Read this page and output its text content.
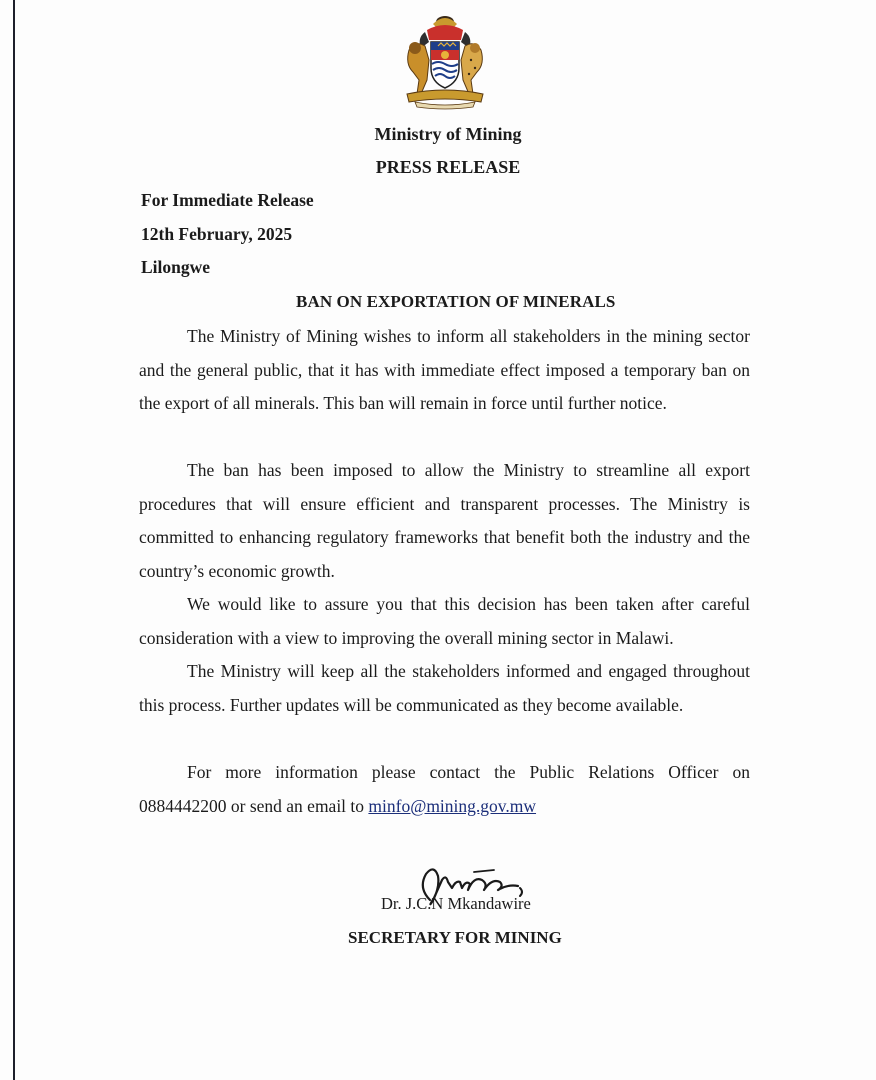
Ministry of Mining
PRESS RELEASE
For Immediate Release
12th February, 2025
Lilongwe
BAN ON EXPORTATION OF MINERALS

The Ministry of Mining wishes to inform all stakeholders in the mining sector and the general public, that it has with immediate effect imposed a temporary ban on the export of all minerals. This ban will remain in force until further notice.

The ban has been imposed to allow the Ministry to streamline all export procedures that will ensure efficient and transparent processes. The Ministry is committed to enhancing regulatory frameworks that benefit both the industry and the country’s economic growth.

We would like to assure you that this decision has been taken after careful consideration with a view to improving the overall mining sector in Malawi.

The Ministry will keep all the stakeholders informed and engaged throughout this process. Further updates will be communicated as they become available.

For more information please contact the Public Relations Officer on 0884442200 or send an email to minfo@mining.gov.mw

Dr. J.C.N Mkandawire
SECRETARY FOR MINING
